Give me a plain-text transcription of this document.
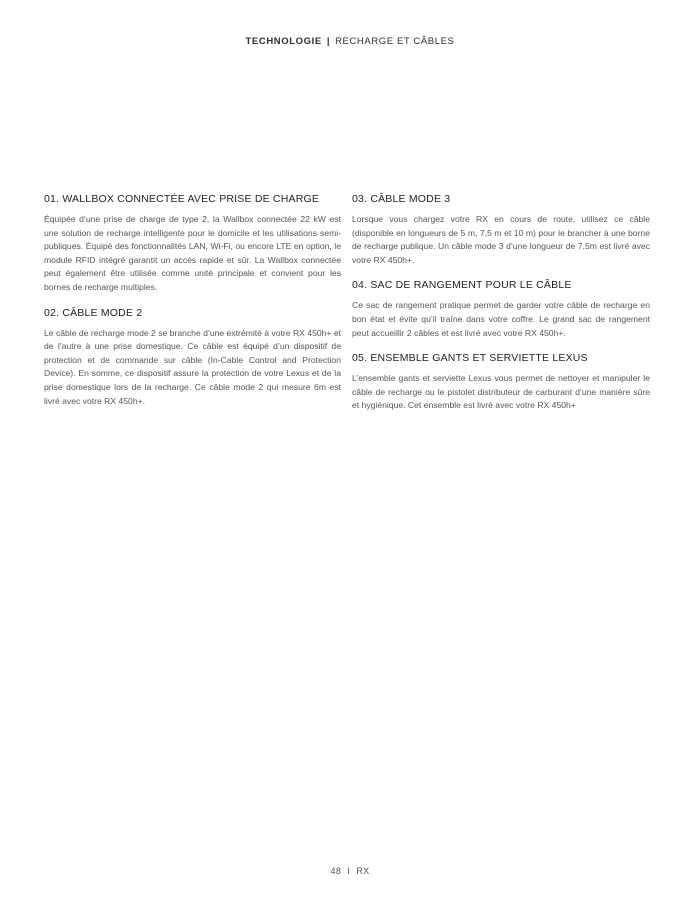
TECHNOLOGIE | RECHARGE ET CÂBLES
01. WALLBOX CONNECTÉE AVEC PRISE DE CHARGE

Équipée d’une prise de charge de type 2, la Wallbox connectée 22 kW est une solution de recharge intelligente pour le domicile et les utilisations semi-publiques. Équipé des fonctionnalités LAN, Wi-Fi, ou encore LTE en option, le module RFID intégré garantit un accès rapide et sûr. La Wallbox connectée peut également être utilisée comme unité principale et convient pour les bornes de recharge multiples.

02. CÂBLE MODE 2

Le câble de recharge mode 2 se branche d’une extrémité à votre RX 450h+ et de l’autre à une prise domestique. Ce câble est équipé d’un dispositif de protection et de commande sur câble (In-Cable Control and Protection Device). En somme, ce dispositif assure la protection de votre Lexus et de la prise domestique lors de la recharge. Ce câble mode 2 qui mesure 6m est livré avec votre RX 450h+.

03. CÂBLE MODE 3

Lorsque vous chargez votre RX en cours de route, utilisez ce câble (disponible en longueurs de 5 m, 7,5 m et 10 m) pour le brancher à une borne de recharge publique. Un câble mode 3 d’une longueur de 7,5m est livré avec votre RX 450h+.

04. SAC DE RANGEMENT POUR LE CÂBLE

Ce sac de rangement pratique permet de garder votre câble de recharge en bon état et évite qu’il traîne dans votre coffre. Le grand sac de rangement peut accueillir 2 câbles et est livré avec votre RX 450h+.

05. ENSEMBLE GANTS ET SERVIETTE LEXUS

L’ensemble gants et serviette Lexus vous permet de nettoyer et manipuler le câble de recharge ou le pistolet distributeur de carburant d’une manière sûre et hygiénique. Cet ensemble est livré avec votre RX 450h+

48 I RX
